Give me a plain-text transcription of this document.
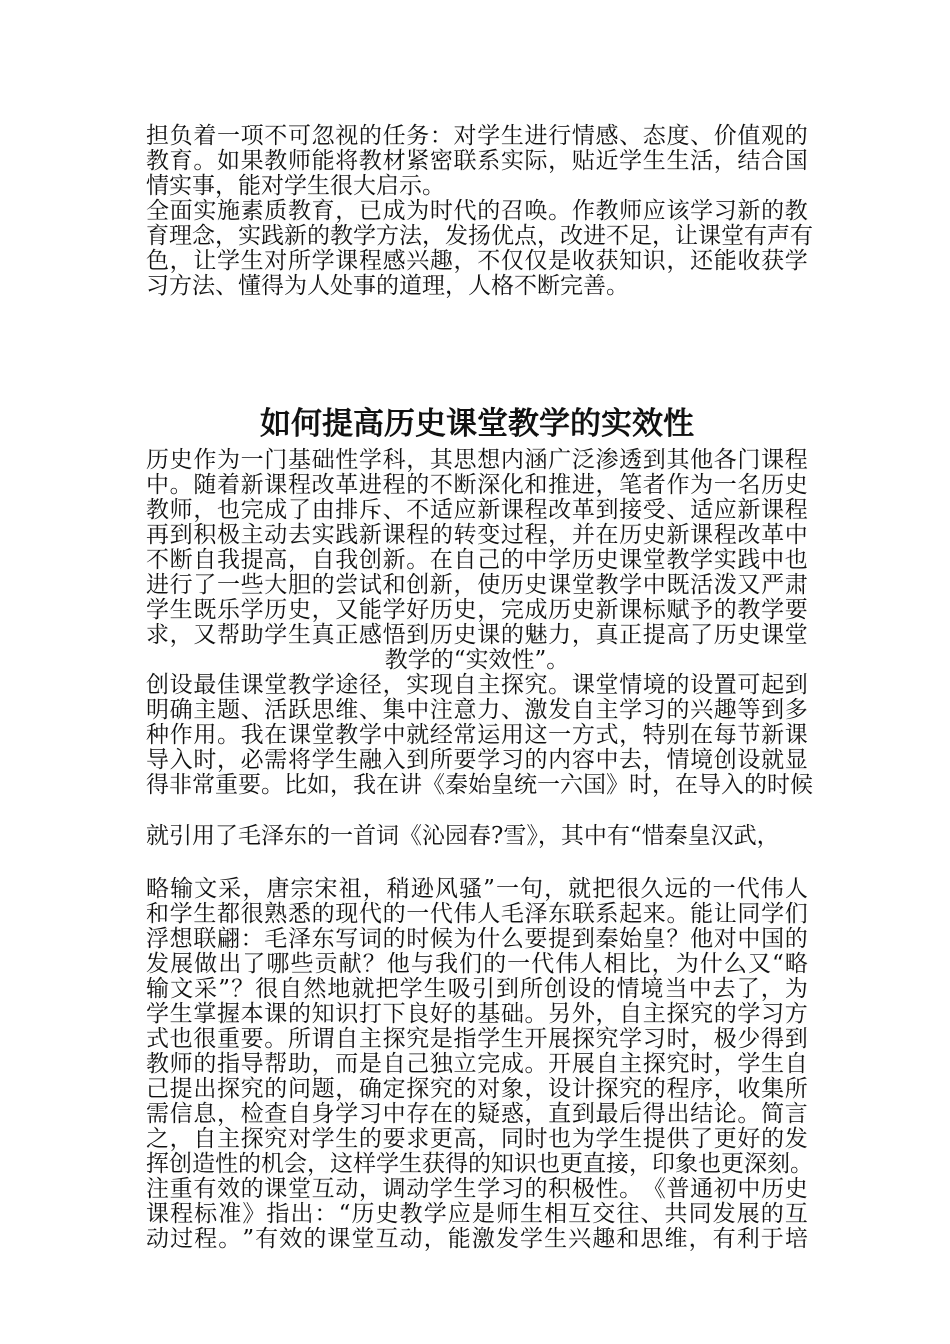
担 负 着 一 项 不 可 忽 视 的 任 务 ： 对 学 生 进 行 情 感 、 态 度 、 价 值 观 的
教 育 。 如 果 教 师 能 将 教 材 紧 密 联 系 实 际 ， 贴 近 学 生 生 活 ， 结 合 国
情实事，能对学生很大启示。
全 面 实 施 素 质 教 育 ， 已 成 为 时 代 的 召 唤 。 作 教 师 应 该 学 习 新 的 教
育 理 念 ， 实 践 新 的 教 学 方 法 ， 发 扬 优 点 ， 改 进 不 足 ， 让 课 堂 有 声 有
色 ， 让 学 生 对 所 学 课 程 感 兴 趣 ， 不 仅 仅 是 收 获 知 识 ， 还 能 收 获 学
习方法、懂得为人处事的道理，人格不断完善。
如何提高历史课堂教学的实效性
历 史 作 为 一 门 基 础 性 学 科 ， 其 思 想 内 涵 广 泛 渗 透 到 其 他 各 门 课 程
中 。 随 着 新 课 程 改 革 进 程 的 不 断 深 化 和 推 进 ， 笔 者 作 为 一 名 历 史
教 师 ， 也 完 成 了 由 排 斥 、 不 适 应 新 课 程 改 革 到 接 受 、 适 应 新 课 程
再 到 积 极 主 动 去 实 践 新 课 程 的 转 变 过 程 ， 并 在 历 史 新 课 程 改 革 中
不 断 自 我 提 高 ， 自 我 创 新 。 在 自 己 的 中 学 历 史 课 堂 教 学 实 践 中 也
进 行 了 一 些 大 胆 的 尝 试 和 创 新 ， 使 历 史 课 堂 教 学 中 既 活 泼 又 严 肃
学 生 既 乐 学 历 史 ， 又 能 学 好 历 史 ， 完 成 历 史 新 课 标 赋 予 的 教 学 要
求 ， 又 帮 助 学 生 真 正 感 悟 到 历 史 课 的 魅 力 ， 真 正 提 高 了 历 史 课 堂
教学的“实效性”。
创 设 最 佳 课 堂 教 学 途 径 ， 实 现 自 主 探 究 。 课 堂 情 境 的 设 置 可 起 到
明 确 主 题 、 活 跃 思 维 、 集 中 注 意 力 、 激 发 自 主 学 习 的 兴 趣 等 到 多
种 作 用 。 我 在 课 堂 教 学 中 就 经 常 运 用 这 一 方 式 ， 特 别 在 每 节 新 课
导 入 时 ， 必 需 将 学 生 融 入 到 所 要 学 习 的 内 容 中 去 ， 情 境 创 设 就 显
得 非 常 重 要 。 比 如 ， 我 在 讲 《 秦 始 皇 统 一 六 国 》 时 ， 在 导 入 的 时 候
就引用了毛泽东的一首词《沁园春?雪》，其中有“惜秦皇汉武，
略 输 文 采 ， 唐 宗 宋 祖 ， 稍 逊 风 骚 ” 一 句 ， 就 把 很 久 远 的 一 代 伟 人
和 学 生 都 很 熟 悉 的 现 代 的 一 代 伟 人 毛 泽 东 联 系 起 来 。 能 让 同 学 们
浮 想 联 翩 ： 毛 泽 东 写 词 的 时 候 为 什 么 要 提 到 秦 始 皇 ？ 他 对 中 国 的
发 展 做 出 了 哪 些 贡 献 ？ 他 与 我 们 的 一 代 伟 人 相 比 ， 为 什 么 又 “ 略
输 文 采 ” ？ 很 自 然 地 就 把 学 生 吸 引 到 所 创 设 的 情 境 当 中 去 了 ， 为
学 生 掌 握 本 课 的 知 识 打 下 良 好 的 基 础 。 另 外 ， 自 主 探 究 的 学 习 方
式 也 很 重 要 。 所 谓 自 主 探 究 是 指 学 生 开 展 探 究 学 习 时 ， 极 少 得 到
教 师 的 指 导 帮 助 ， 而 是 自 己 独 立 完 成 。 开 展 自 主 探 究 时 ， 学 生 自
己 提 出 探 究 的 问 题 ， 确 定 探 究 的 对 象 ， 设 计 探 究 的 程 序 ， 收 集 所
需 信 息 ， 检 查 自 身 学 习 中 存 在 的 疑 惑 ， 直 到 最 后 得 出 结 论 。 简 言
之 ， 自 主 探 究 对 学 生 的 要 求 更 高 ， 同 时 也 为 学 生 提 供 了 更 好 的 发
挥 创 造 性 的 机 会 ， 这 样 学 生 获 得 的 知 识 也 更 直 接 ， 印 象 也 更 深 刻 。
注 重 有 效 的 课 堂 互 动 ， 调 动 学 生 学 习 的 积 极 性 。 《 普 通 初 中 历 史
课 程 标 准 》 指 出 ： “ 历 史 教 学 应 是 师 生 相 互 交 往 、 共 同 发 展 的 互
动 过 程 。 ” 有 效 的 课 堂 互 动 ， 能 激 发 学 生 兴 趣 和 思 维 ， 有 利 于 培
